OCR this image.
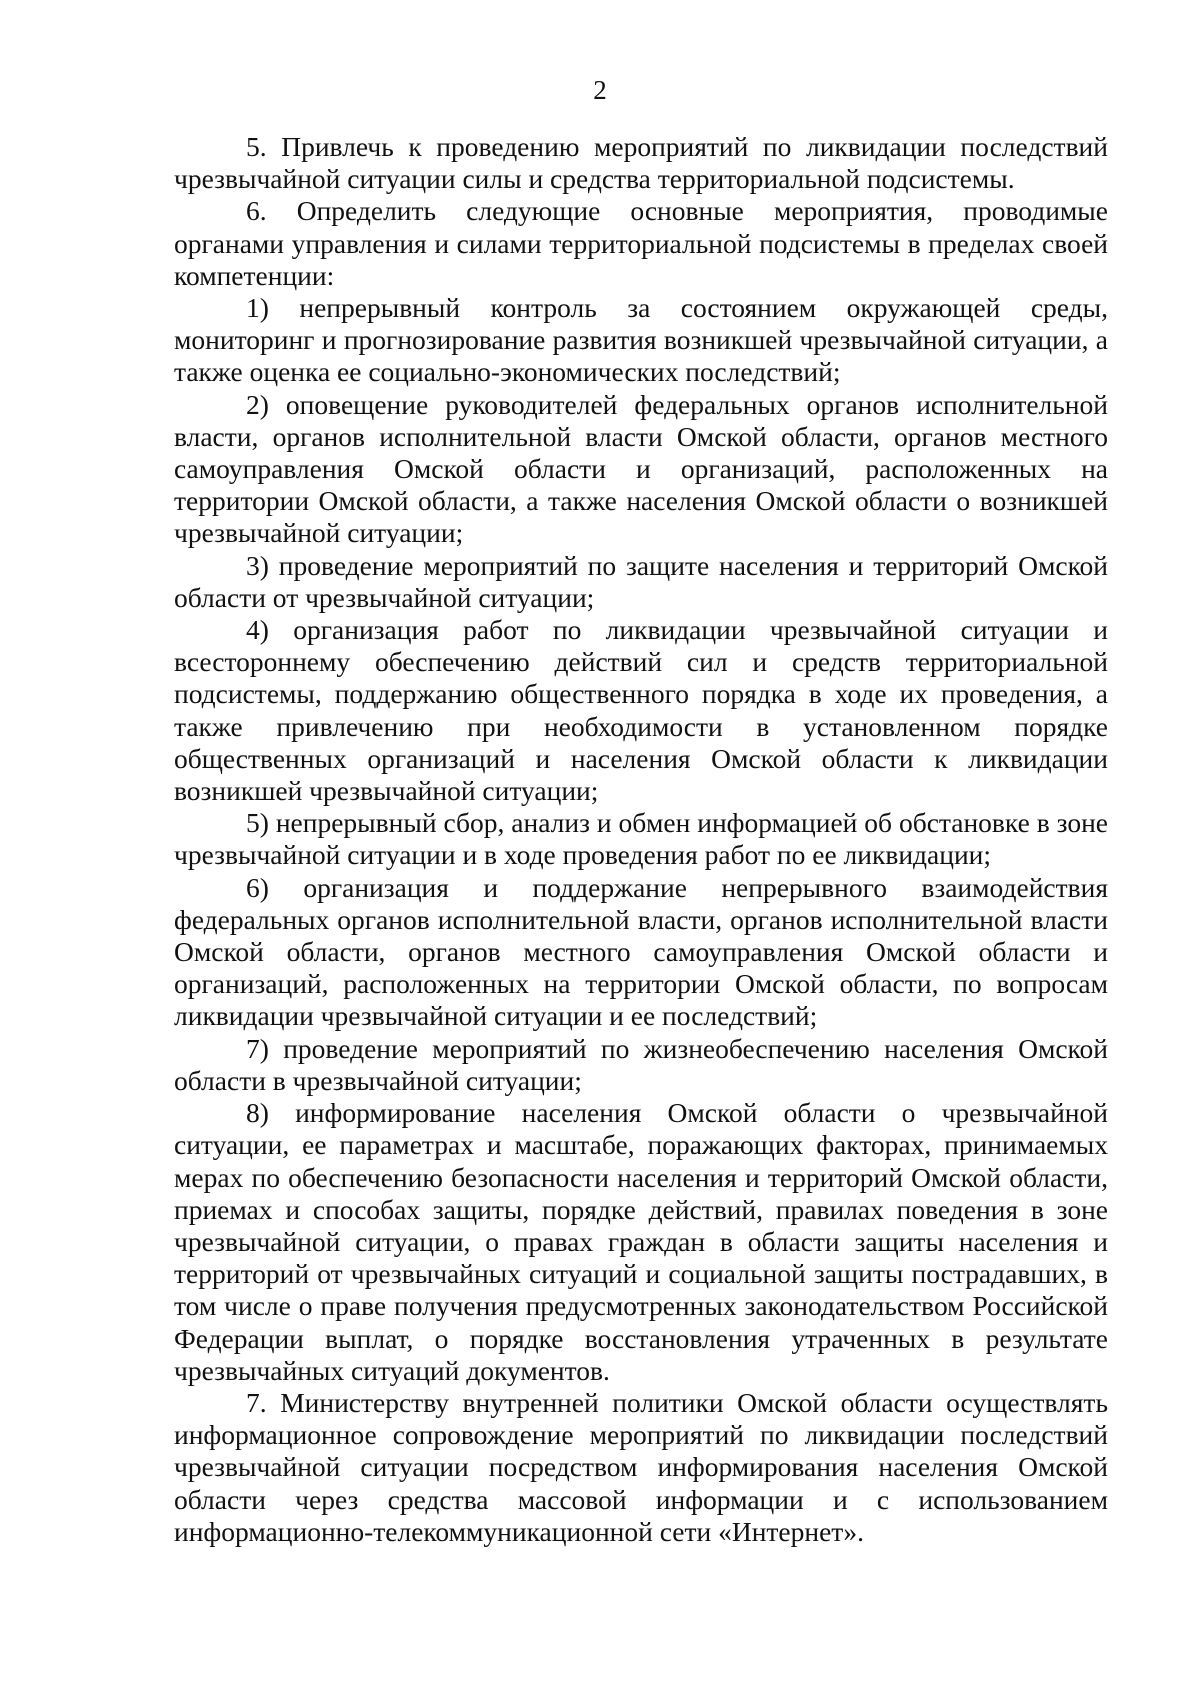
2

5. Привлечь к проведению мероприятий по ликвидации последствий чрезвычайной ситуации силы и средства территориальной подсистемы.

6. Определить следующие основные мероприятия, проводимые органами управления и силами территориальной подсистемы в пределах своей компетенции:

1) непрерывный контроль за состоянием окружающей среды, мониторинг и прогнозирование развития возникшей чрезвычайной ситуации, а также оценка ее социально-экономических последствий;

2) оповещение руководителей федеральных органов исполнительной власти, органов исполнительной власти Омской области, органов местного самоуправления Омской области и организаций, расположенных на территории Омской области, а также населения Омской области о возникшей чрезвычайной ситуации;

3) проведение мероприятий по защите населения и территорий Омской области от чрезвычайной ситуации;

4) организация работ по ликвидации чрезвычайной ситуации и всестороннему обеспечению действий сил и средств территориальной подсистемы, поддержанию общественного порядка в ходе их проведения, а также привлечению при необходимости в установленном порядке общественных организаций и населения Омской области к ликвидации возникшей чрезвычайной ситуации;

5) непрерывный сбор, анализ и обмен информацией об обстановке в зоне чрезвычайной ситуации и в ходе проведения работ по ее ликвидации;

6) организация и поддержание непрерывного взаимодействия федеральных органов исполнительной власти, органов исполнительной власти Омской области, органов местного самоуправления Омской области и организаций, расположенных на территории Омской области, по вопросам ликвидации чрезвычайной ситуации и ее последствий;

7) проведение мероприятий по жизнеобеспечению населения Омской области в чрезвычайной ситуации;

8) информирование населения Омской области о чрезвычайной ситуации, ее параметрах и масштабе, поражающих факторах, принимаемых мерах по обеспечению безопасности населения и территорий Омской области, приемах и способах защиты, порядке действий, правилах поведения в зоне чрезвычайной ситуации, о правах граждан в области защиты населения и территорий от чрезвычайных ситуаций и социальной защиты пострадавших, в том числе о праве получения предусмотренных законодательством Российской Федерации выплат, о порядке восстановления утраченных в результате чрезвычайных ситуаций документов.

7. Министерству внутренней политики Омской области осуществлять информационное сопровождение мероприятий по ликвидации последствий чрезвычайной ситуации посредством информирования населения Омской области через средства массовой информации и с использованием информационно-телекоммуникационной сети «Интернет».
